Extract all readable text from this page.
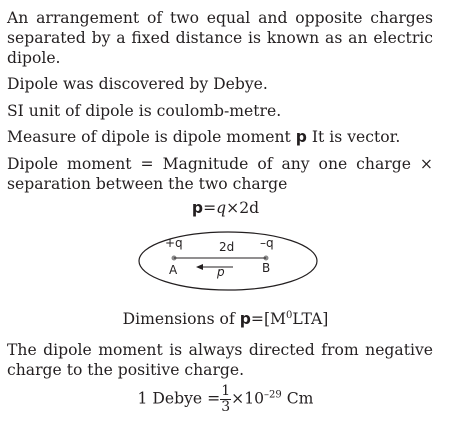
An arrangement of two equal and opposite charges

separated by a fixed distance is known as an electric

dipole.

Dipole was discovered by Debye.

SI unit of dipole is coulomb-metre.

Measure of dipole is dipole moment p It is vector.

Dipole moment = Magnitude of any one charge ×

separation between the two charge

p=q×2d
+q	2d –q
A	p	B
Dimensions of $p=[M^0LTA]$

The dipole moment is always directed from negative

charge to the positive charge.

1 Debye = $\frac{1}{3} \times 10^{-29}$ Cm
